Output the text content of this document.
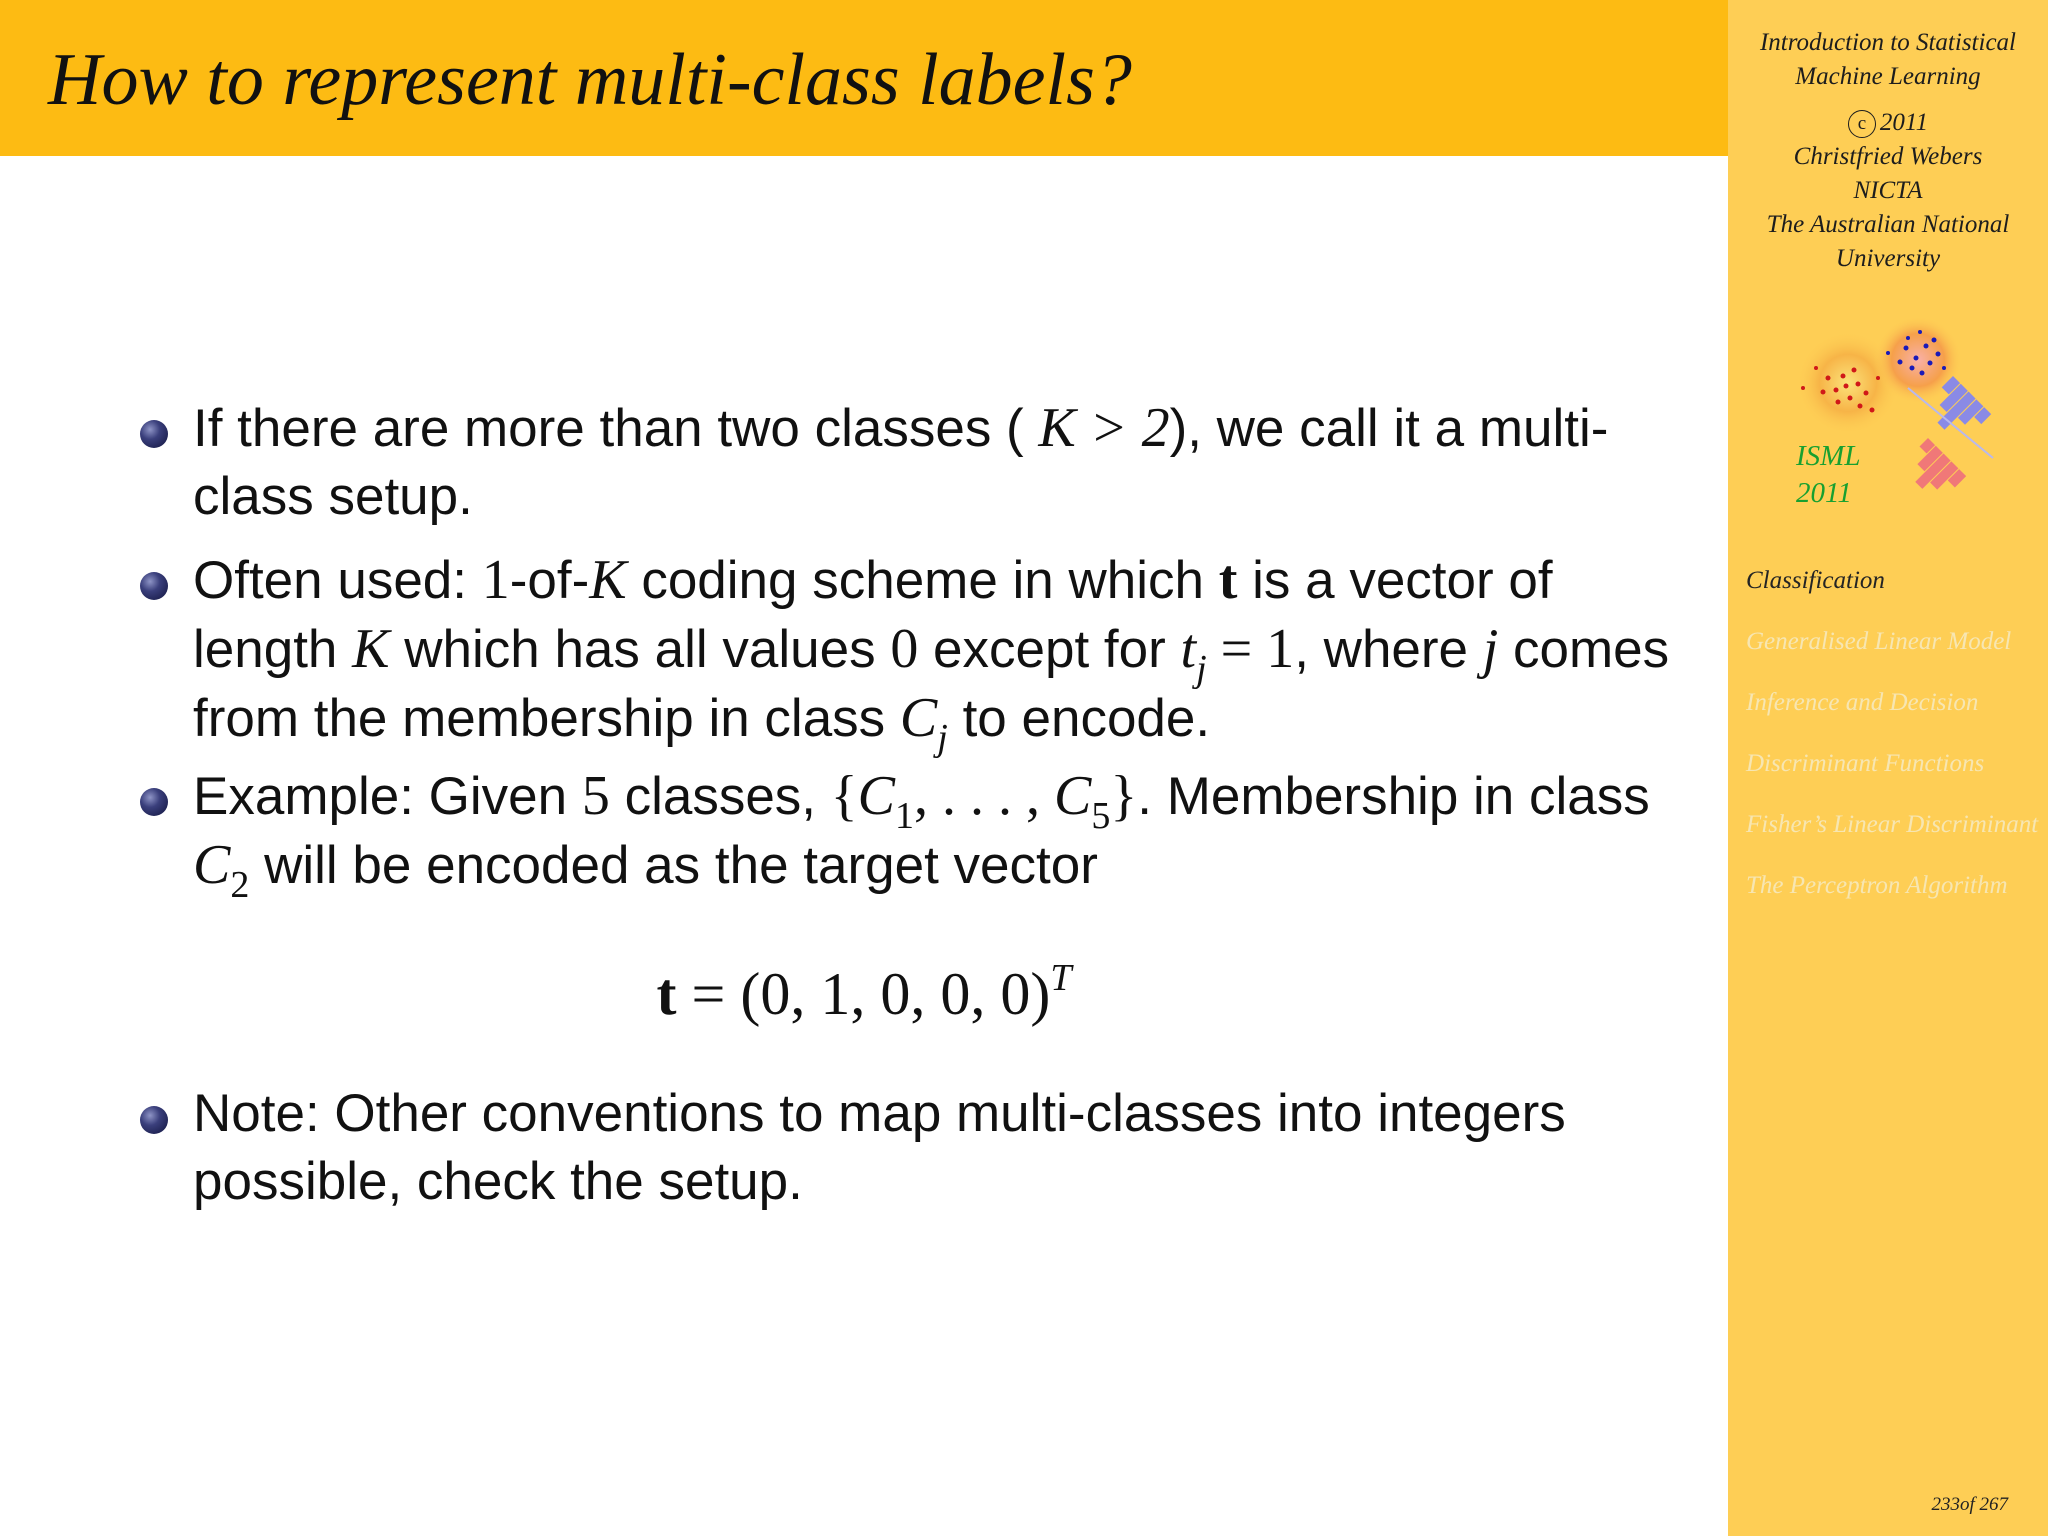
How to represent multi-class labels?	Introduction to Statistical
Machine Learning
c 2011
Christfried Webers
NICTA
The Australian National
University
ISML
2011
Classification
Generalised Linear Model
Inference and Decision
Discriminant Functions
Fisher’s Linear Discriminant
The Perceptron Algorithm
233of 267

If there are more than two classes ( K > 2), we call it a multi-class setup.

Often used: 1-of-K coding scheme in which t is a vector of length K which has all values 0 except for $t_j = 1$, where j comes from the membership in class $C_j$ to encode.

Example: Given 5 classes, {$C_1$, . . . , $C_5$}. Membership in class $C_2$ will be encoded as the target vector

t = (0, 1, 0, 0, 0)$^T$

Note: Other conventions to map multi-classes into integers possible, check the setup.
